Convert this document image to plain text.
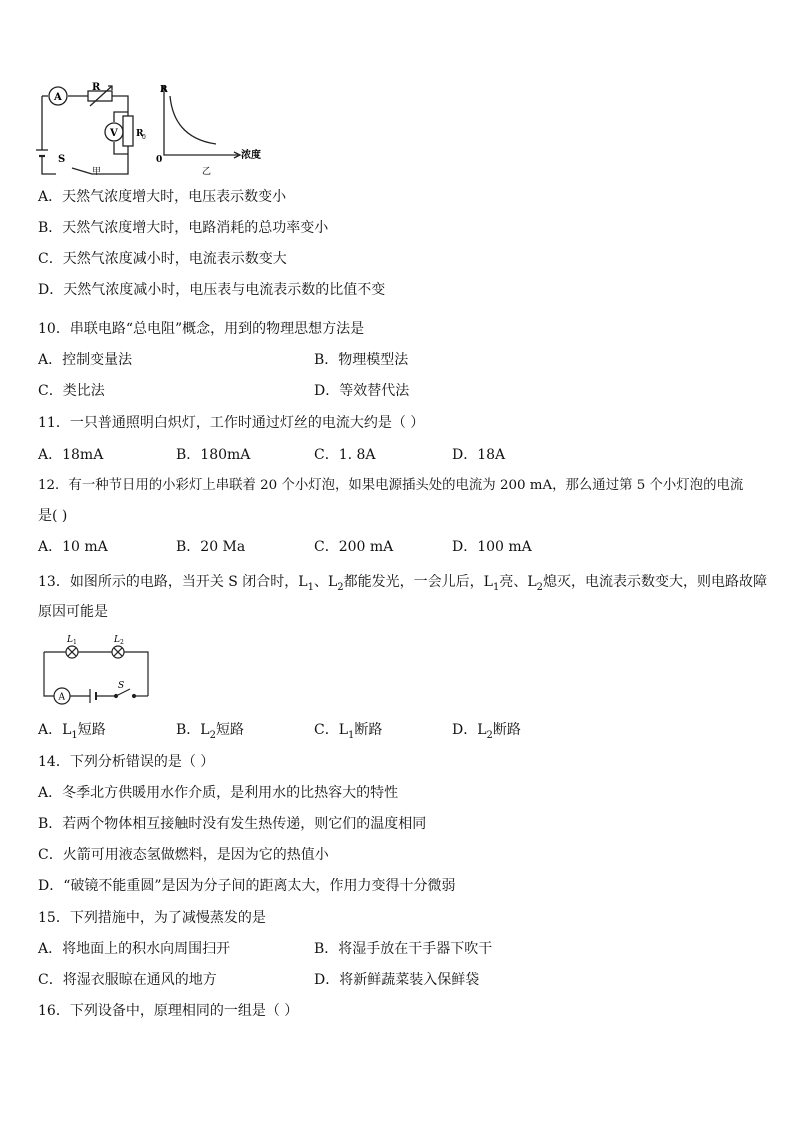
A
R
V R
0
S
甲
R
0	浓度
乙
A．天然气浓度增大时，电压表示数变小
B．天然气浓度增大时，电路消耗的总功率变小
C．天然气浓度减小时，电流表示数变大
D．天然气浓度减小时，电压表与电流表示数的比值不变
10．串联电路“总电阻”概念，用到的物理思想方法是
A．控制变量法	B．物理模型法
C．类比法	D．等效替代法
11．一只普通照明白炽灯，工作时通过灯丝的电流大约是（ ）
A．18mA	B．180mA	C．1. 8A	D．18A
12．有一种节日用的小彩灯上串联着 20 个小灯泡，如果电源插头处的电流为 200 mA，那么通过第 5 个小灯泡的电流
是( )
A．10 mA	B．20 Ma	C．200 mA	D．100 mA
13．如图所示的电路，当开关 S 闭合时，$L_1$、$L_2$都能发光，一会儿后，$L_1$亮、$L_2$熄灭，电流表示数变大，则电路故障
原因可能是
L 1	L 2
A
S
A．$L_1$短路	B．$L_2$短路	C．$L_1$断路	D．$L_2$断路
14．下列分析错误的是（ ）
A．冬季北方供暖用水作介质，是利用水的比热容大的特性
B．若两个物体相互接触时没有发生热传递，则它们的温度相同
C．火箭可用液态氢做燃料，是因为它的热值小
D．“破镜不能重圆”是因为分子间的距离太大，作用力变得十分微弱
15．下列措施中，为了减慢蒸发的是
A．将地面上的积水向周围扫开	B．将湿手放在干手器下吹干
C．将湿衣服晾在通风的地方	D．将新鲜蔬菜装入保鲜袋
16．下列设备中，原理相同的一组是（ ）
